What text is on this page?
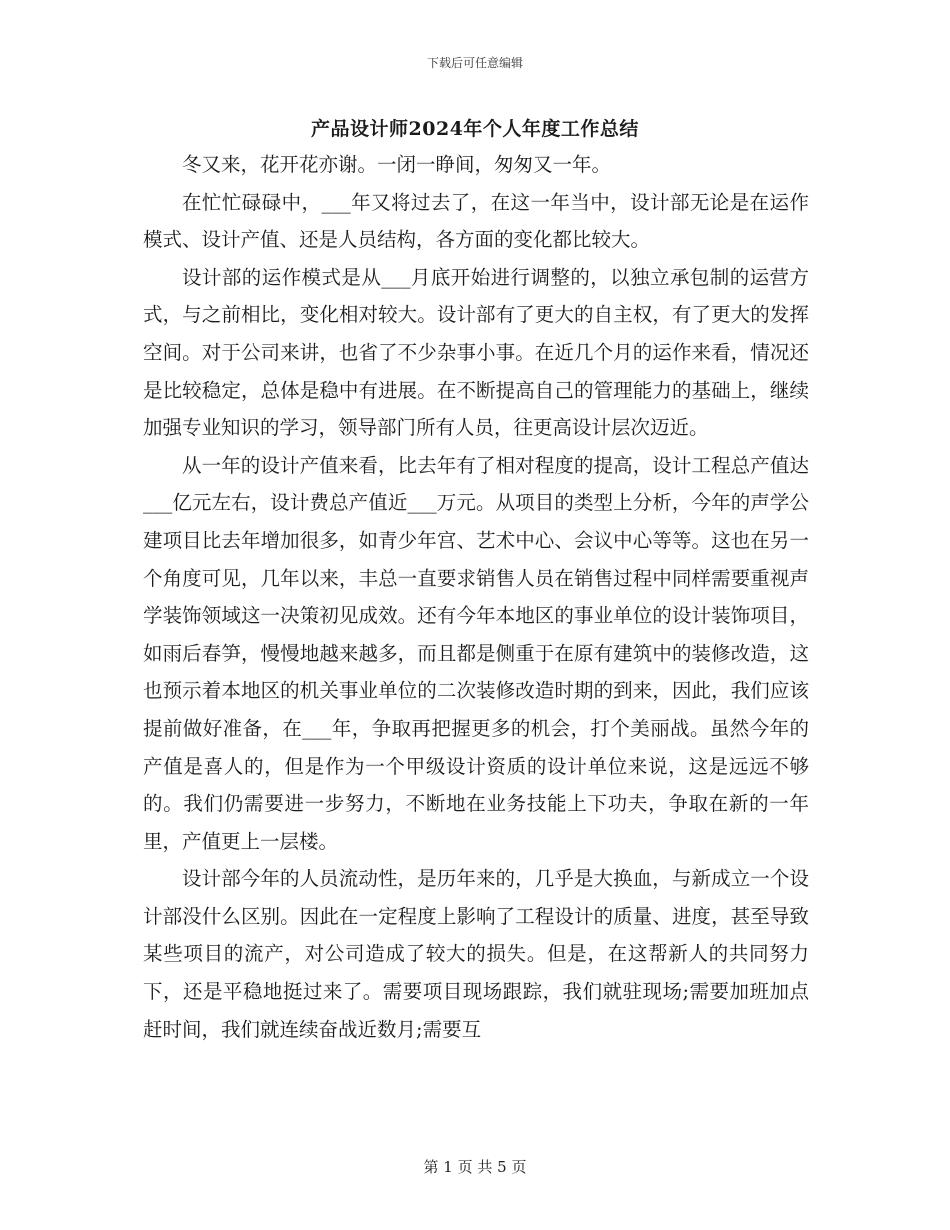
下载后可任意编辑
产品设计师2024年个人年度工作总结

冬又来，花开花亦谢。一闭一睁间，匆匆又一年。

在忙忙碌碌中，___年又将过去了，在这一年当中，设计部无论是在运作模式、设计产值、还是人员结构，各方面的变化都比较大。

设计部的运作模式是从___月底开始进行调整的，以独立承包制的运营方式，与之前相比，变化相对较大。设计部有了更大的自主权，有了更大的发挥空间。对于公司来讲，也省了不少杂事小事。在近几个月的运作来看，情况还是比较稳定，总体是稳中有进展。在不断提高自己的管理能力的基础上，继续加强专业知识的学习，领导部门所有人员，往更高设计层次迈近。

从一年的设计产值来看，比去年有了相对程度的提高，设计工程总产值达___亿元左右，设计费总产值近___万元。从项目的类型上分析，今年的声学公建项目比去年增加很多，如青少年宫、艺术中心、会议中心等等。这也在另一个角度可见，几年以来，丰总一直要求销售人员在销售过程中同样需要重视声学装饰领域这一决策初见成效。还有今年本地区的事业单位的设计装饰项目，如雨后春笋，慢慢地越来越多，而且都是侧重于在原有建筑中的装修改造，这也预示着本地区的机关事业单位的二次装修改造时期的到来，因此，我们应该提前做好准备，在___年，争取再把握更多的机会，打个美丽战。虽然今年的产值是喜人的，但是作为一个甲级设计资质的设计单位来说，这是远远不够的。我们仍需要进一步努力，不断地在业务技能上下功夫，争取在新的一年里，产值更上一层楼。

设计部今年的人员流动性，是历年来的，几乎是大换血，与新成立一个设计部没什么区别。因此在一定程度上影响了工程设计的质量、进度，甚至导致某些项目的流产，对公司造成了较大的损失。但是，在这帮新人的共同努力下，还是平稳地挺过来了。需要项目现场跟踪，我们就驻现场;需要加班加点赶时间，我们就连续奋战近数月;需要互

第 1 页 共 5 页
